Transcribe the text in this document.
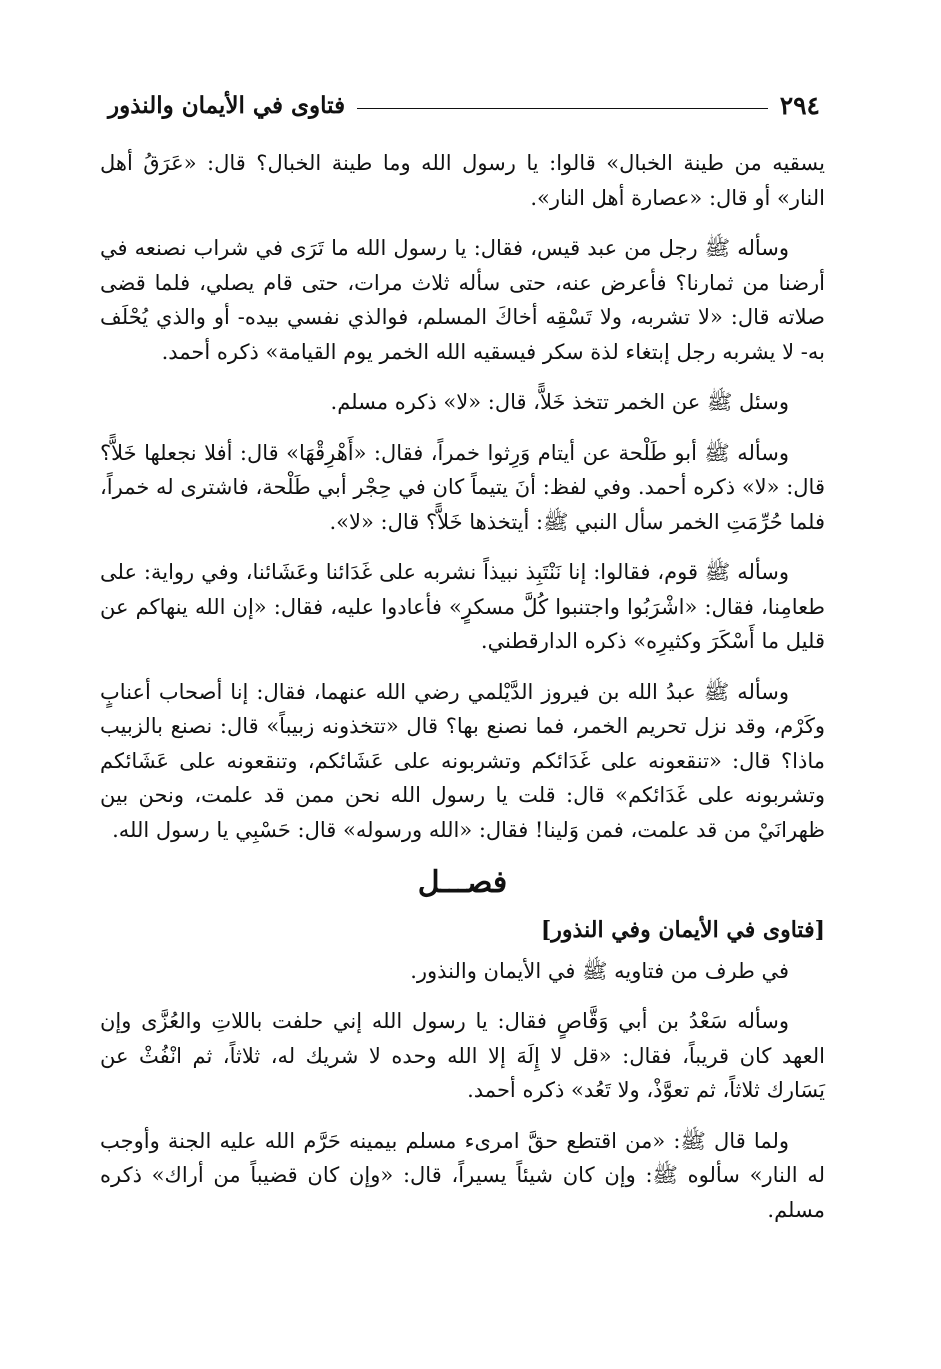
٢٩٤
فتاوى في الأيمان والنذور

يسقيه من طينة الخبال» قالوا: يا رسول الله وما طينة الخبال؟ قال: «عَرَقُ أهل النار» أو قال: «عصارة أهل النار».

وسأله ﷺ رجل من عبد قيس، فقال: يا رسول الله ما تَرَى في شراب نصنعه في أرضنا من ثمارنا؟ فأعرض عنه، حتى سأله ثلاث مرات، حتى قام يصلي، فلما قضى صلاته قال: «لا تشربه، ولا تَسْقِه أخاكَ المسلم، فوالذي نفسي بيده- أو والذي يُحْلَف به- لا يشربه رجل إبتغاء لذة سكر فيسقيه الله الخمر يوم القيامة» ذكره أحمد.

وسئل ﷺ عن الخمر تتخذ خَلاًّ، قال: «لا» ذكره مسلم.

وسأله ﷺ أبو طَلْحة عن أيتام وَرِثوا خمراً، فقال: «أَهْرِقْهَا» قال: أفلا نجعلها خَلاًّ؟ قال: «لا» ذكره أحمد. وفي لفظ: أنَ يتيماً كان في حِجْر أبي طَلْحة، فاشترى له خمراً، فلما حُرِّمَتِ الخمر سأل النبي ﷺ: أيتخذها خَلاًّ؟ قال: «لا».

وسأله ﷺ قوم، فقالوا: إنا نَنْتَبِذ نبيذاً نشربه على غَدَائنا وعَشَائنا، وفي رواية: على طعامِنا، فقال: «اشْرَبُوا واجتنبوا كُلَّ مسكرٍ» فأعادوا عليه، فقال: «إن الله ينهاكم عن قليل ما أَسْكَرَ وكثيرِه» ذكره الدارقطني.

وسأله ﷺ عبدُ الله بن فيروز الدَّيْلمي رضي الله عنهما، فقال: إنا أصحاب أعنابٍ وكَرْم، وقد نزل تحريم الخمر، فما نصنع بها؟ قال «تتخذونه زبيباً» قال: نصنع بالزبيب ماذا؟ قال: «تنقعونه على غَدَائكم وتشربونه على عَشَائكم، وتنقعونه على عَشَائكم وتشربونه على غَدَائكم» قال: قلت يا رسول الله نحن ممن قد علمت، ونحن بين ظهرانَيْ من قد علمت، فمن وَلينا! فقال: «الله ورسوله» قال: حَسْبِي يا رسول الله.

فصـــل
[فتاوى في الأيمان وفي النذور]

في طرف من فتاويه ﷺ في الأيمان والنذور.

وسأله سَعْدُ بن أبي وَقَّاصٍ فقال: يا رسول الله إني حلفت باللاتِ والعُزَّى وإن العهد كان قريباً، فقال: «قل لا إِلَهَ إلا الله وحده لا شريك له، ثلاثاً، ثم انْفُثْ عن يَسَارك ثلاثاً، ثم تعوَّذْ، ولا تَعُد» ذكره أحمد.

ولما قال ﷺ: «من اقتطع حقَّ امرىء مسلم بيمينه حَرَّم الله عليه الجنة وأوجب له النار» سألوه ﷺ: وإن كان شيئاً يسيراً، قال: «وإن كان قضيباً من أراك» ذكره مسلم.
